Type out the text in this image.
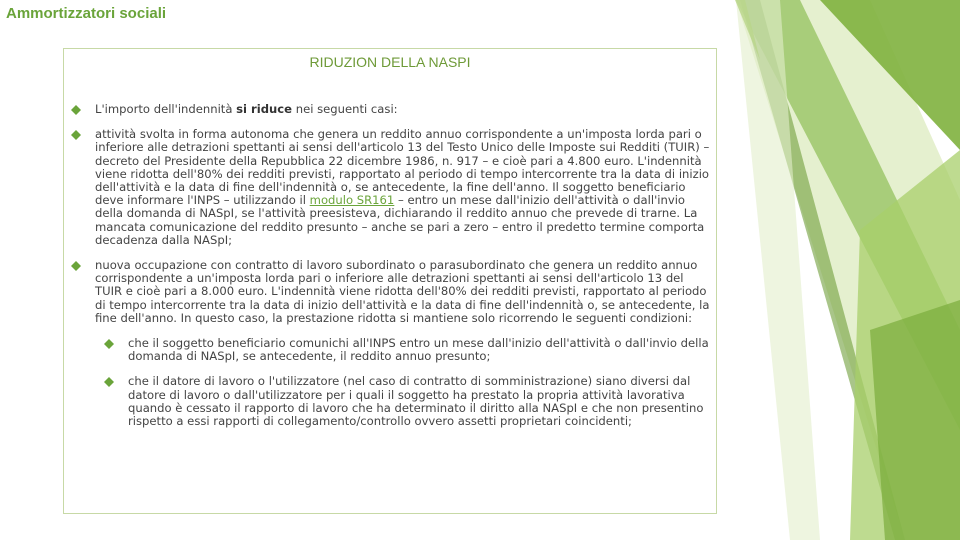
Ammortizzatori sociali
RIDUZION DELLA NASPI
L'importo dell'indennità si riduce nei seguenti casi:
attività svolta in forma autonoma che genera un reddito annuo corrispondente a un'imposta lorda pari o inferiore alle detrazioni spettanti ai sensi dell'articolo 13 del Testo Unico delle Imposte sui Redditi (TUIR) – decreto del Presidente della Repubblica 22 dicembre 1986, n. 917 – e cioè pari a 4.800 euro. L'indennità viene ridotta dell'80% dei redditi previsti, rapportato al periodo di tempo intercorrente tra la data di inizio dell'attività e la data di fine dell'indennità o, se antecedente, la fine dell'anno. Il soggetto beneficiario deve informare l'INPS – utilizzando il modulo SR161 – entro un mese dall'inizio dell'attività o dall'invio della domanda di NASpI, se l'attività preesisteva, dichiarando il reddito annuo che prevede di trarne. La mancata comunicazione del reddito presunto – anche se pari a zero – entro il predetto termine comporta decadenza dalla NASpI;
nuova occupazione con contratto di lavoro subordinato o parasubordinato che genera un reddito annuo corrispondente a un'imposta lorda pari o inferiore alle detrazioni spettanti ai sensi dell'articolo 13 del TUIR e cioè pari a 8.000 euro. L'indennità viene ridotta dell'80% dei redditi previsti, rapportato al periodo di tempo intercorrente tra la data di inizio dell'attività e la data di fine dell'indennità o, se antecedente, la fine dell'anno. In questo caso, la prestazione ridotta si mantiene solo ricorrendo le seguenti condizioni:
che il soggetto beneficiario comunichi all'INPS entro un mese dall'inizio dell'attività o dall'invio della domanda di NASpI, se antecedente, il reddito annuo presunto;
che il datore di lavoro o l'utilizzatore (nel caso di contratto di somministrazione) siano diversi dal datore di lavoro o dall'utilizzatore per i quali il soggetto ha prestato la propria attività lavorativa quando è cessato il rapporto di lavoro che ha determinato il diritto alla NASpI e che non presentino rispetto a essi rapporti di collegamento/controllo ovvero assetti proprietari coincidenti;
